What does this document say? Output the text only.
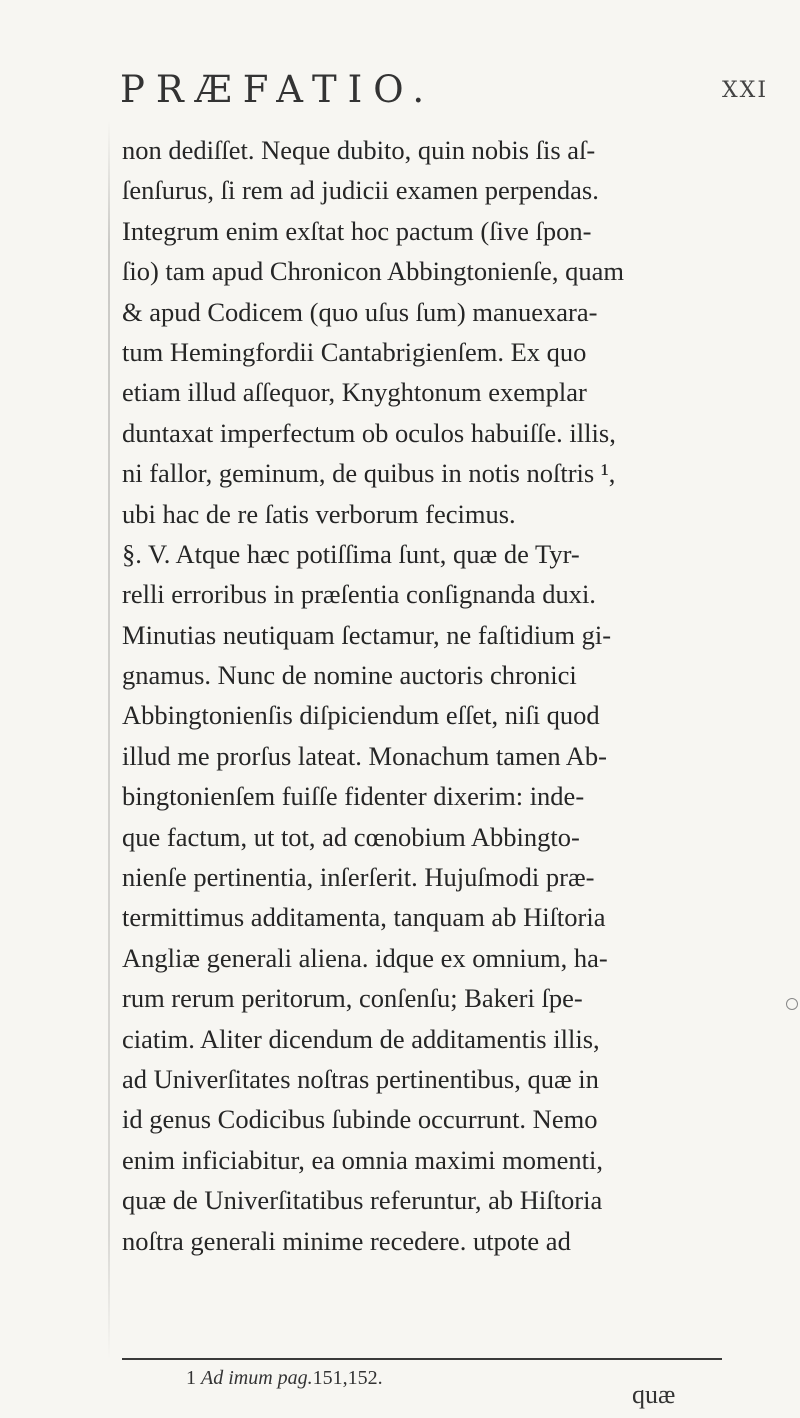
PRÆFATIO.	XXI
non dediſſet. Neque dubito, quin nobis ſis aſ-
ſenſurus, ſi rem ad judicii examen perpendas.
Integrum enim exſtat hoc pactum (ſive ſpon-
ſio) tam apud Chronicon Abbingtonienſe, quam
& apud Codicem (quo uſus ſum) manuexara-
tum Hemingfordii Cantabrigienſem. Ex quo
etiam illud aſſequor, Knyghtonum exemplar
duntaxat imperfectum ob oculos habuiſſe. illis,
ni fallor, geminum, de quibus in notis noſtris ¹,
ubi hac de re ſatis verborum fecimus.
§. V. Atque hæc potiſſima ſunt, quæ de Tyr-
relli erroribus in præſentia conſignanda duxi.
Minutias neutiquam ſectamur, ne faſtidium gi-
gnamus. Nunc de nomine auctoris chronici
Abbingtonienſis diſpiciendum eſſet, niſi quod
illud me prorſus lateat. Monachum tamen Ab-
bingtonienſem fuiſſe fidenter dixerim: inde-
que factum, ut tot, ad cœnobium Abbingto-
nienſe pertinentia, inſerſerit. Hujuſmodi præ-
termittimus additamenta, tanquam ab Hiſtoria
Angliæ generali aliena. idque ex omnium, ha-
rum rerum peritorum, conſenſu; Bakeri ſpe-
ciatim. Aliter dicendum de additamentis illis,
ad Univerſitates noſtras pertinentibus, quæ in
id genus Codicibus ſubinde occurrunt. Nemo
enim inficiabitur, ea omnia maximi momenti,
quæ de Univerſitatibus referuntur, ab Hiſtoria
noſtra generali minime recedere. utpote ad
1 Ad imum pag.151,152.
quæ
